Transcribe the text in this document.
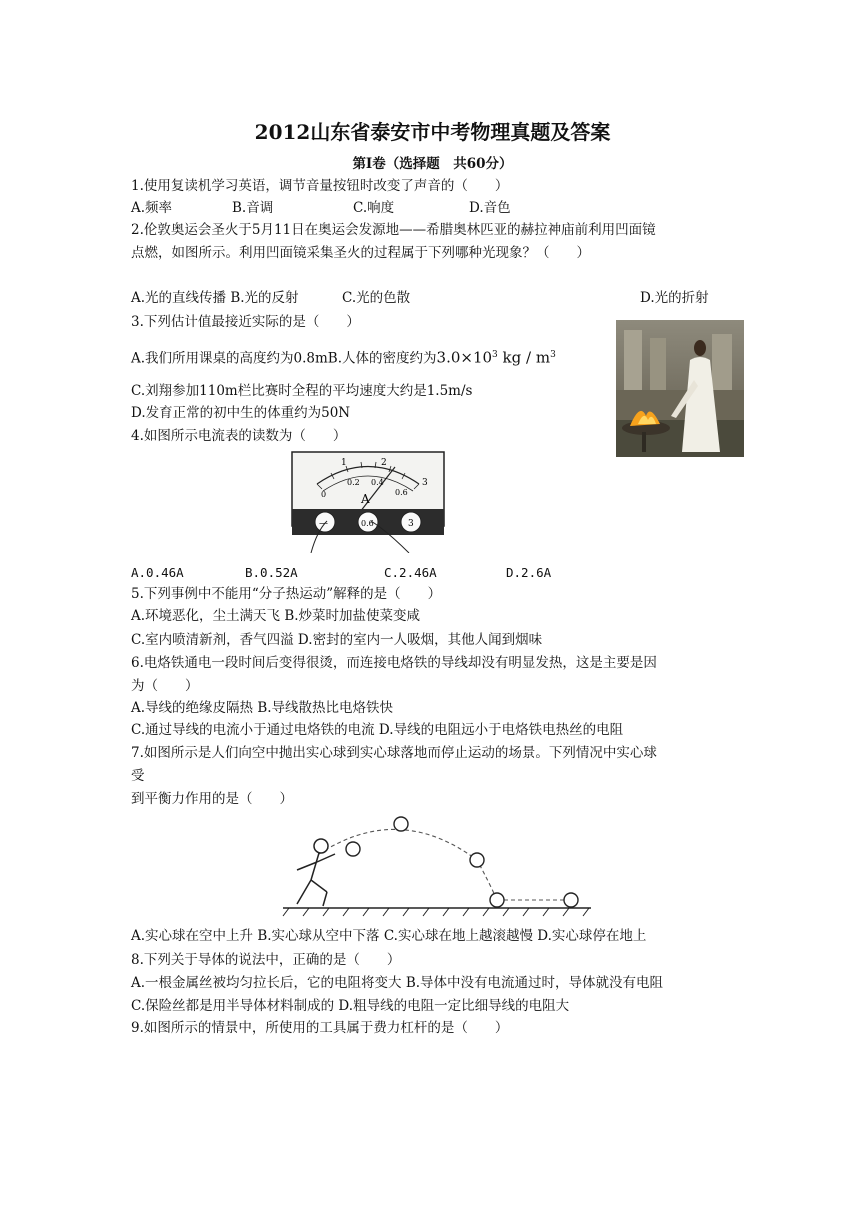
2012山东省泰安市中考物理真题及答案
第Ⅰ卷（选择题　共60分）
1.使用复读机学习英语，调节音量按钮时改变了声音的（　　）
A.频率	B.音调	C.响度	D.音色
2.伦敦奥运会圣火于5月11日在奥运会发源地——希腊奥林匹亚的赫拉神庙前利用凹面镜
点燃，如图所示。利用凹面镜采集圣火的过程属于下列哪种光现象？（　　）
A.光的直线传播 B.光的反射	C.光的色散	D.光的折射
3.下列估计值最接近实际的是（　　）
A.我们所用课桌的高度约为0.8mB.人体的密度约为$3.0\times 10^3$ kg / $m^3$
C.刘翔参加110m栏比赛时全程的平均速度大约是1.5m/s
D.发育正常的初中生的体重约为50N
4.如图所示电流表的读数为（　　）
1	2
3
0
0.2 0.4
0.6
A
—	0.6	3
A.0.46A	B.0.52A	C.2.46A	D.2.6A
5.下列事例中不能用“分子热运动”解释的是（　　）
A.环境恶化，尘土满天飞 B.炒菜时加盐使菜变咸
C.室内喷清新剂，香气四溢 D.密封的室内一人吸烟，其他人闻到烟味
6.电烙铁通电一段时间后变得很烫，而连接电烙铁的导线却没有明显发热，这是主要是因
为（　　）
A.导线的绝缘皮隔热 B.导线散热比电烙铁快
C.通过导线的电流小于通过电烙铁的电流 D.导线的电阻远小于电烙铁电热丝的电阻
7.如图所示是人们向空中抛出实心球到实心球落地而停止运动的场景。下列情况中实心球
受
到平衡力作用的是（　　）
A.实心球在空中上升 B.实心球从空中下落 C.实心球在地上越滚越慢 D.实心球停在地上
8.下列关于导体的说法中，正确的是（　　）
A.一根金属丝被均匀拉长后，它的电阻将变大 B.导体中没有电流通过时，导体就没有电阻
C.保险丝都是用半导体材料制成的 D.粗导线的电阻一定比细导线的电阻大
9.如图所示的情景中，所使用的工具属于费力杠杆的是（　　）
